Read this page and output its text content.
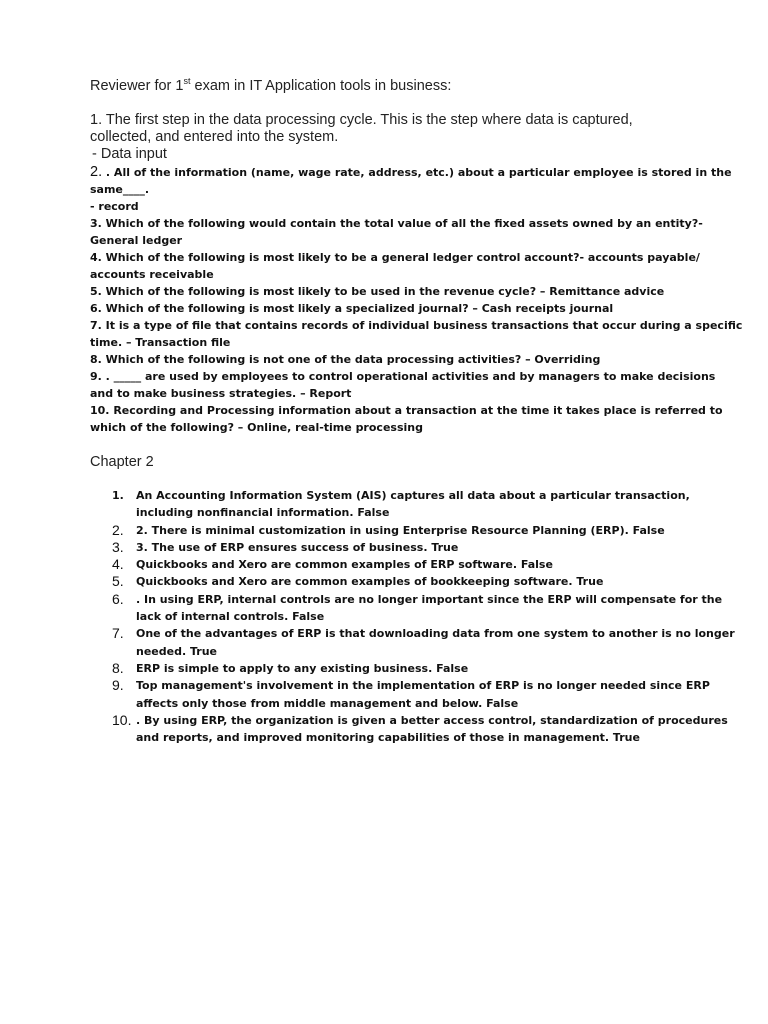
Reviewer for 1st exam in IT Application tools in business:
1. The first step in the data processing cycle. This is the step where data is captured,
collected, and entered into the system.
- Data input
2. . All of the information (name, wage rate, address, etc.) about a particular employee is stored in the
same____.
- record
3. Which of the following would contain the total value of all the fixed assets owned by an entity?-
General ledger
4. Which of the following is most likely to be a general ledger control account?- accounts payable/
accounts receivable
5. Which of the following is most likely to be used in the revenue cycle? – Remittance advice
6. Which of the following is most likely a specialized journal? – Cash receipts journal
7. It is a type of file that contains records of individual business transactions that occur during a specific
time. – Transaction file
8. Which of the following is not one of the data processing activities? – Overriding
9. . _____ are used by employees to control operational activities and by managers to make decisions
and to make business strategies. – Report
10. Recording and Processing information about a transaction at the time it takes place is referred to
which of the following? – Online, real-time processing
Chapter 2
1.	An Accounting Information System (AIS) captures all data about a particular transaction,
including nonfinancial information. False
2.	2. There is minimal customization in using Enterprise Resource Planning (ERP). False
3.	3. The use of ERP ensures success of business. True
4.	Quickbooks and Xero are common examples of ERP software. False
5.	Quickbooks and Xero are common examples of bookkeeping software. True
6.	. In using ERP, internal controls are no longer important since the ERP will compensate for the
lack of internal controls. False
7.	One of the advantages of ERP is that downloading data from one system to another is no longer
needed. True
8.	ERP is simple to apply to any existing business. False
9.	Top management's involvement in the implementation of ERP is no longer needed since ERP
affects only those from middle management and below. False
10. . By using ERP, the organization is given a better access control, standardization of procedures
and reports, and improved monitoring capabilities of those in management. True
